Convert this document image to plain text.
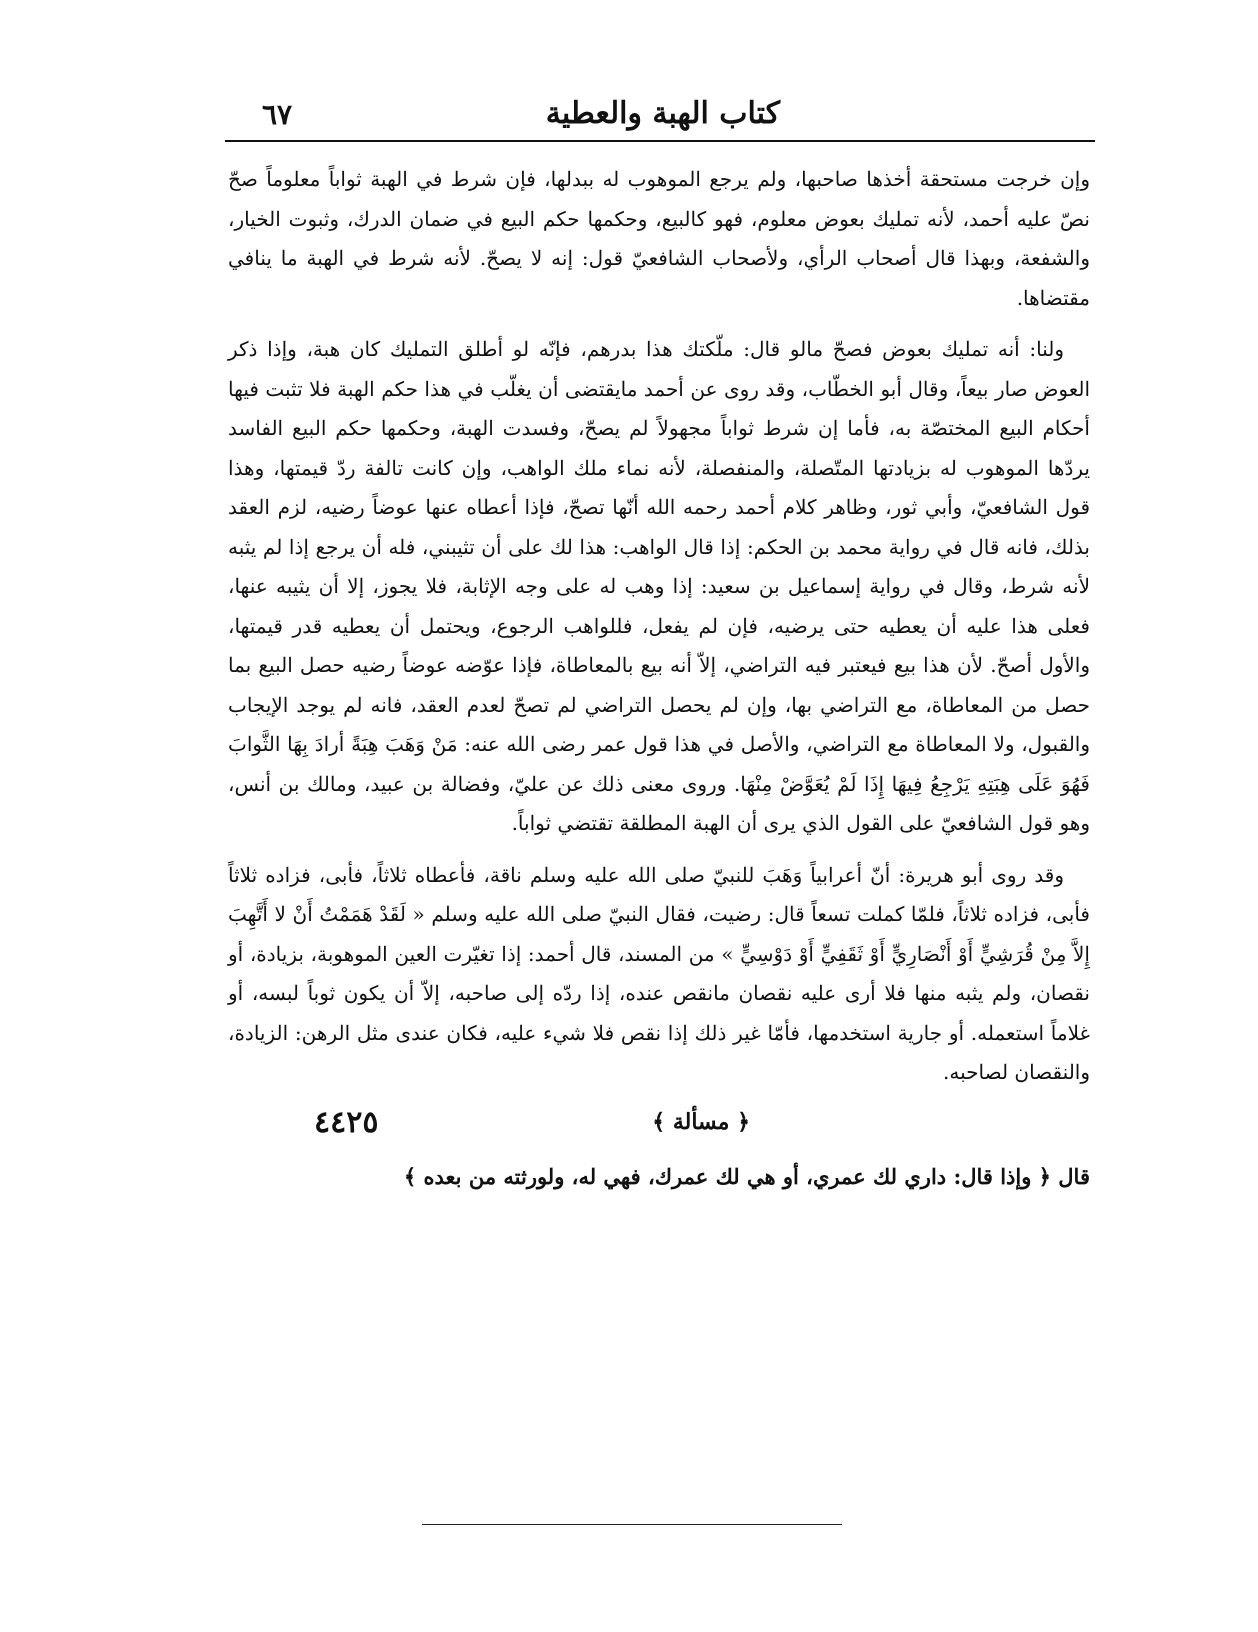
كتاب الهبة والعطية
٦٧

وإن خرجت مستحقة أخذها صاحبها، ولم يرجع الموهوب له ببدلها، فإن شرط في الهبة ثواباً معلوماً صحّ نصّ عليه أحمد، لأنه تمليك بعوض معلوم، فهو كالبيع، وحكمها حكم البيع في ضمان الدرك، وثبوت الخيار، والشفعة، وبهذا قال أصحاب الرأي، ولأصحاب الشافعيّ قول: إنه لا يصحّ. لأنه شرط في الهبة ما ينافي مقتضاها.

ولنا: أنه تمليك بعوض فصحّ مالو قال: ملّكتك هذا بدرهم، فإنّه لو أطلق التمليك كان هبة، وإذا ذكر العوض صار بيعاً، وقال أبو الخطّاب، وقد روى عن أحمد مايقتضى أن يغلّب في هذا حكم الهبة فلا تثبت فيها أحكام البيع المختصّة به، فأما إن شرط ثواباً مجهولاً لم يصحّ، وفسدت الهبة، وحكمها حكم البيع الفاسد يردّها الموهوب له بزيادتها المتّصلة، والمنفصلة، لأنه نماء ملك الواهب، وإن كانت تالفة ردّ قيمتها، وهذا قول الشافعيّ، وأبي ثور، وظاهر كلام أحمد رحمه الله أنّها تصحّ، فإذا أعطاه عنها عوضاً رضيه، لزم العقد بذلك، فانه قال في رواية محمد بن الحكم: إذا قال الواهب: هذا لك على أن تثيبني، فله أن يرجع إذا لم يثبه لأنه شرط، وقال في رواية إسماعيل بن سعيد: إذا وهب له على وجه الإثابة، فلا يجوز، إلا أن يثيبه عنها، فعلى هذا عليه أن يعطيه حتى يرضيه، فإن لم يفعل، فللواهب الرجوع، ويحتمل أن يعطيه قدر قيمتها، والأول أصحّ. لأن هذا بيع فيعتبر فيه التراضي، إلاّ أنه بيع بالمعاطاة، فإذا عوّضه عوضاً رضيه حصل البيع بما حصل من المعاطاة، مع التراضي بها، وإن لم يحصل التراضي لم تصحّ لعدم العقد، فانه لم يوجد الإيجاب والقبول، ولا المعاطاة مع التراضي، والأصل في هذا قول عمر رضى الله عنه: مَنْ وَهَبَ هِبَةً أرادَ بِهَا الثَّوابَ فَهُوَ عَلَى هِبَتِهِ يَرْجِعُ فِيهَا إِذَا لَمْ يُعَوَّضْ مِنْهَا. وروى معنى ذلك عن عليّ، وفضالة بن عبيد، ومالك بن أنس، وهو قول الشافعيّ على القول الذي يرى أن الهبة المطلقة تقتضي ثواباً.

وقد روى أبو هريرة: أنّ أعرابياً وَهَبَ للنبيّ صلى الله عليه وسلم ناقة، فأعطاه ثلاثاً، فأبى، فزاده ثلاثاً فأبى، فزاده ثلاثاً، فلمّا كملت تسعاً قال: رضيت، فقال النبيّ صلى الله عليه وسلم « لَقَدْ هَمَمْتُ أَنْ لا أَتَّهِبَ إِلاَّ مِنْ قُرَشِيٍّ أَوْ أَنْصَارِيٍّ أَوْ ثَقَفِيٍّ أَوْ دَوْسِيٍّ » من المسند، قال أحمد: إذا تغيّرت العين الموهوبة، بزيادة، أو نقصان، ولم يثبه منها فلا أرى عليه نقصان مانقص عنده، إذا ردّه إلى صاحبه، إلاّ أن يكون ثوباً لبسه، أو غلاماً استعمله. أو جارية استخدمها، فأمّا غير ذلك إذا نقص فلا شيء عليه، فكان عندى مثل الرهن: الزيادة، والنقصان لصاحبه.

﴿ مسألة ﴾
٤٤٢٥

قال ﴿ وإذا قال: داري لك عمري، أو هي لك عمرك، فهي له، ولورثته من بعده ﴾
